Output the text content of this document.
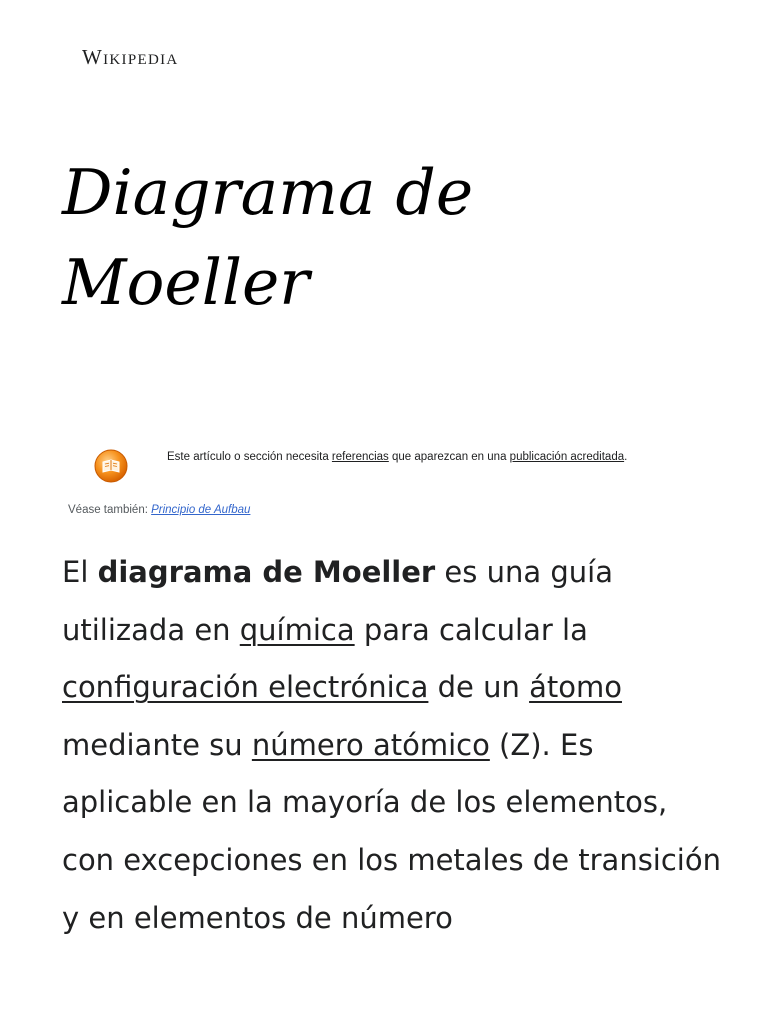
Wikipedia
Diagrama de
Moeller
Este artículo o sección necesita referencias que aparezcan en una publicación acreditada.
Véase también: Principio de Aufbau

El diagrama de Moeller es una guía utilizada en química para calcular la configuración electrónica de un átomo mediante su número atómico (Z). Es aplicable en la mayoría de los elementos, con excepciones en los metales de transición y en elementos de número
